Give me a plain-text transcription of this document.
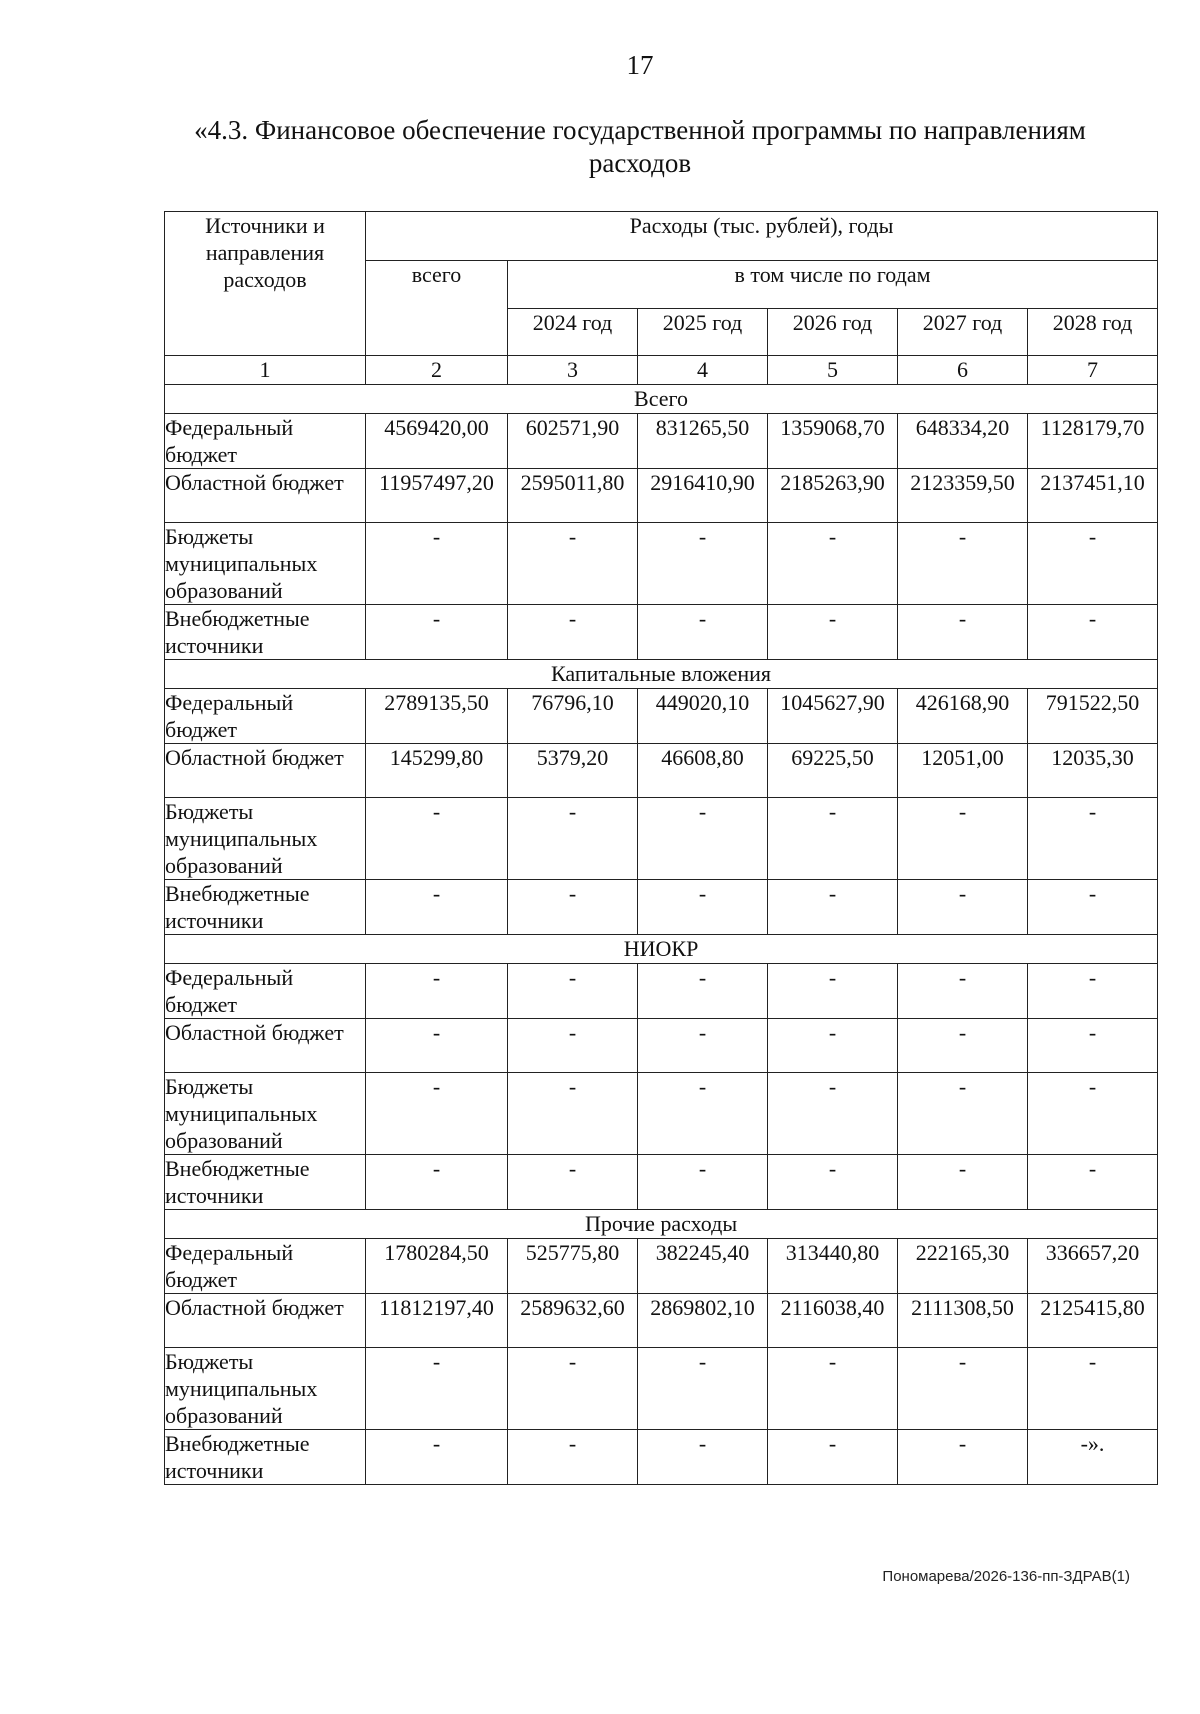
17
«4.3. Финансовое обеспечение государственной программы по направлениям расходов
Источники и направления расходов	Расходы (тыс. рублей), годы					
	всего	в том числе по годам				
		2024 год	2025 год	2026 год	2027 год	2028 год
1	2	3	4	5	6	7
Всего						
Федеральный бюджет	4569420,00	602571,90	831265,50	1359068,70	648334,20	1128179,70
Областной бюджет	11957497,20	2595011,80	2916410,90	2185263,90	2123359,50	2137451,10
Бюджеты муниципальных образований	-	-	-	-	-	-
Внебюджетные источники	-	-	-	-	-	-
Капитальные вложения						
Федеральный бюджет	2789135,50	76796,10	449020,10	1045627,90	426168,90	791522,50
Областной бюджет	145299,80	5379,20	46608,80	69225,50	12051,00	12035,30
Бюджеты муниципальных образований	-	-	-	-	-	-
Внебюджетные источники	-	-	-	-	-	-
НИОКР						
Федеральный бюджет	-	-	-	-	-	-
Областной бюджет	-	-	-	-	-	-
Бюджеты муниципальных образований	-	-	-	-	-	-
Внебюджетные источники	-	-	-	-	-	-
Прочие расходы						
Федеральный бюджет	1780284,50	525775,80	382245,40	313440,80	222165,30	336657,20
Областной бюджет	11812197,40	2589632,60	2869802,10	2116038,40	2111308,50	2125415,80
Бюджеты муниципальных образований	-	-	-	-	-	-
Внебюджетные источники	-	-	-	-	-	-».
Пономарева/2026-136-пп-ЗДРАВ(1)
